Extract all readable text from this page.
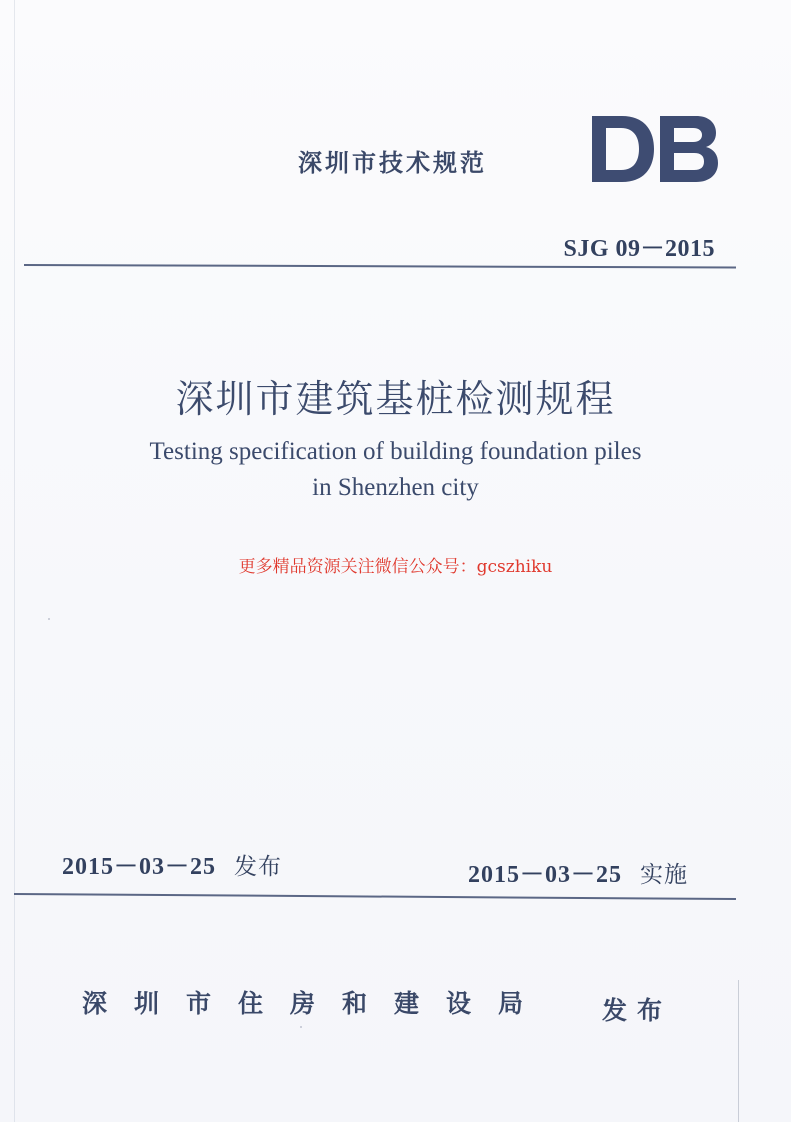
深圳市技术规范
SJG 09－2015
深圳市建筑基桩检测规程
Testing specification of building foundation piles
in Shenzhen city
更多精品资源关注微信公众号：gcszhiku
2015－03－25 发布	2015－03－25 实施
深圳市住房和建设局 发布
